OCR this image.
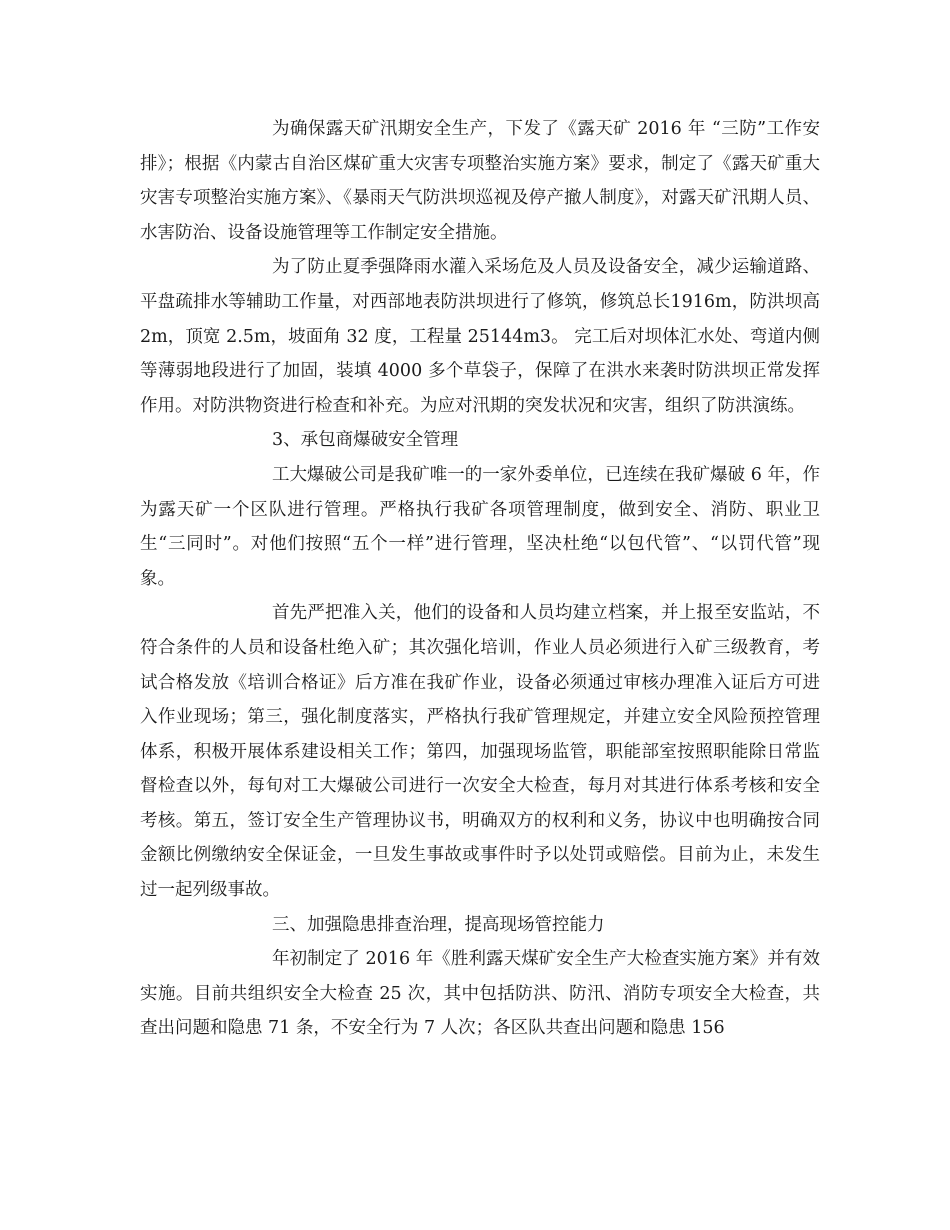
为确保露天矿汛期安全生产，下发了《露天矿 2016 年 “三防”工作安排》；根据《内蒙古自治区煤矿重大灾害专项整治实施方案》要求，制定了《露天矿重大灾害专项整治实施方案》、《暴雨天气防洪坝巡视及停产撤人制度》，对露天矿汛期人员、水害防治、设备设施管理等工作制定安全措施。

为了防止夏季强降雨水灌入采场危及人员及设备安全，减少运输道路、平盘疏排水等辅助工作量，对西部地表防洪坝进行了修筑，修筑总长1916m，防洪坝高 2m，顶宽 2.5m，坡面角 32 度，工程量 25144m3。 完工后对坝体汇水处、弯道内侧等薄弱地段进行了加固，装填 4000 多个草袋子，保障了在洪水来袭时防洪坝正常发挥作用。对防洪物资进行检查和补充。为应对汛期的突发状况和灾害，组织了防洪演练。

3、承包商爆破安全管理

工大爆破公司是我矿唯一的一家外委单位，已连续在我矿爆破 6 年，作为露天矿一个区队进行管理。严格执行我矿各项管理制度，做到安全、消防、职业卫生“三同时”。对他们按照“五个一样”进行管理，坚决杜绝“以包代管”、“以罚代管”现象。

首先严把准入关，他们的设备和人员均建立档案，并上报至安监站，不符合条件的人员和设备杜绝入矿；其次强化培训，作业人员必须进行入矿三级教育，考试合格发放《培训合格证》后方准在我矿作业，设备必须通过审核办理准入证后方可进入作业现场；第三，强化制度落实，严格执行我矿管理规定，并建立安全风险预控管理体系，积极开展体系建设相关工作；第四，加强现场监管，职能部室按照职能除日常监督检查以外，每旬对工大爆破公司进行一次安全大检查，每月对其进行体系考核和安全考核。第五，签订安全生产管理协议书，明确双方的权利和义务，协议中也明确按合同金额比例缴纳安全保证金，一旦发生事故或事件时予以处罚或赔偿。目前为止，未发生过一起列级事故。

三、加强隐患排查治理，提高现场管控能力

年初制定了 2016 年《胜利露天煤矿安全生产大检查实施方案》并有效实施。目前共组织安全大检查 25 次，其中包括防洪、防汛、消防专项安全大检查，共查出问题和隐患 71 条，不安全行为 7 人次；各区队共查出问题和隐患 156
